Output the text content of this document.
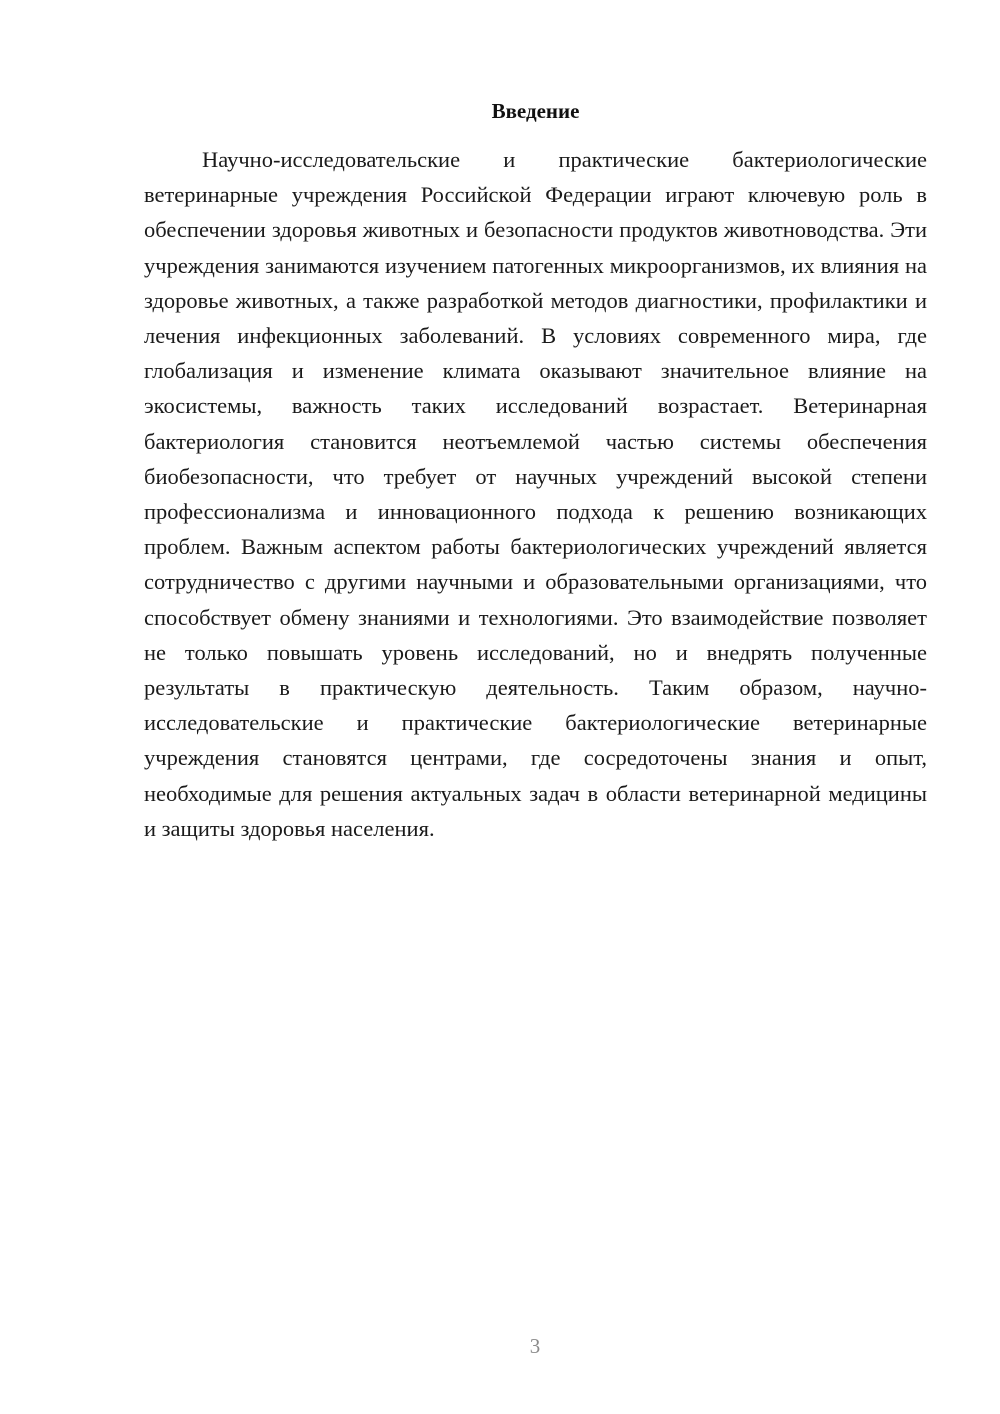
Введение

Научно-исследовательские и практические бактериологические ветеринарные учреждения Российской Федерации играют ключевую роль в обеспечении здоровья животных и безопасности продуктов животноводства. Эти учреждения занимаются изучением патогенных микроорганизмов, их влияния на здоровье животных, а также разработкой методов диагностики, профилактики и лечения инфекционных заболеваний. В условиях современного мира, где глобализация и изменение климата оказывают значительное влияние на экосистемы, важность таких исследований возрастает. Ветеринарная бактериология становится неотъемлемой частью системы обеспечения биобезопасности, что требует от научных учреждений высокой степени профессионализма и инновационного подхода к решению возникающих проблем. Важным аспектом работы бактериологических учреждений является сотрудничество с другими научными и образовательными организациями, что способствует обмену знаниями и технологиями. Это взаимодействие позволяет не только повышать уровень исследований, но и внедрять полученные результаты в практическую деятельность. Таким образом, научно-исследовательские и практические бактериологические ветеринарные учреждения становятся центрами, где сосредоточены знания и опыт, необходимые для решения актуальных задач в области ветеринарной медицины и защиты здоровья населения.

3
